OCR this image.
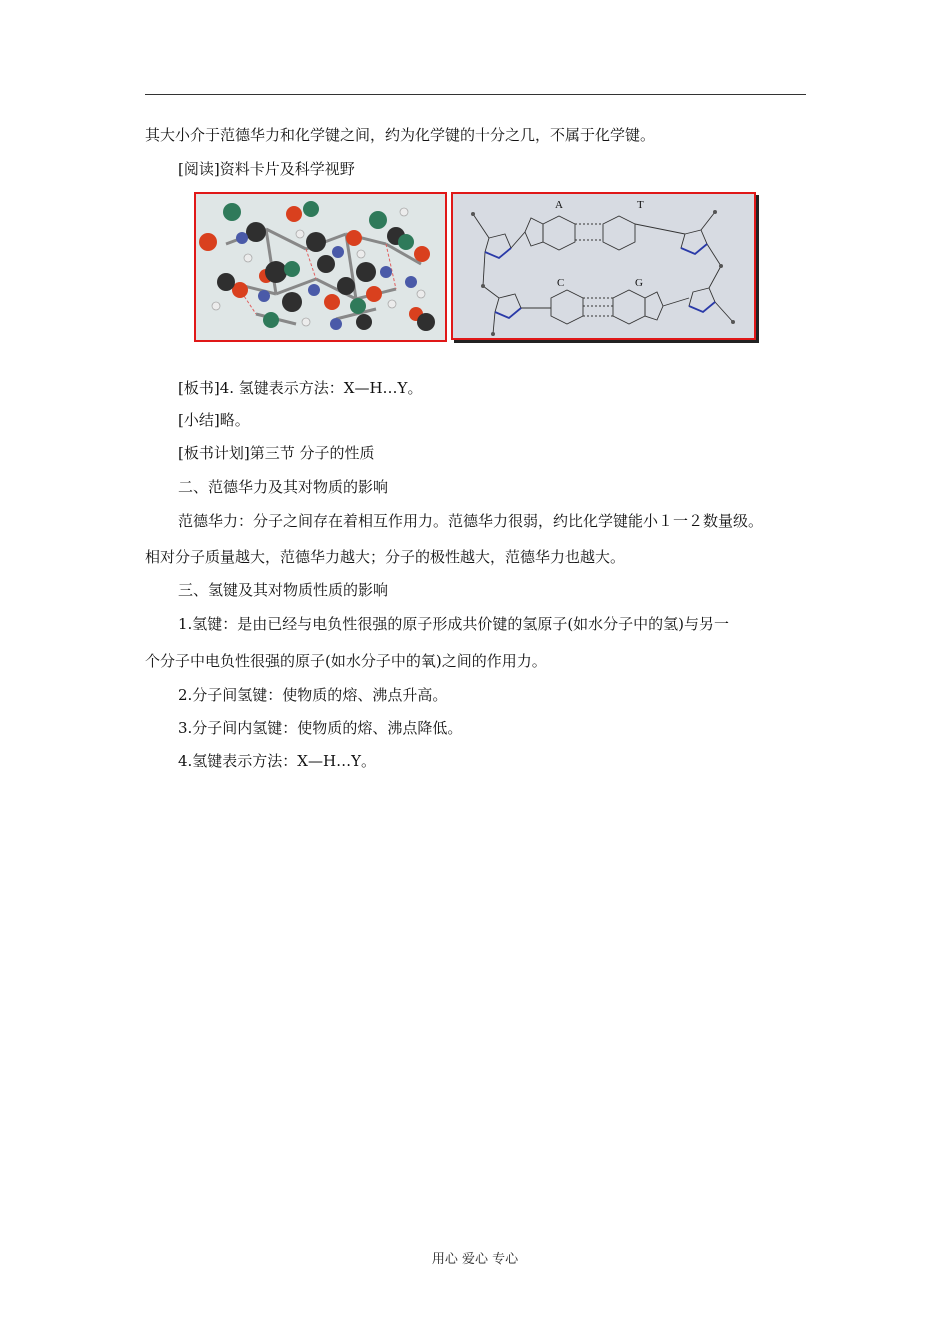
其大小介于范德华力和化学键之间，约为化学键的十分之几，不属于化学键。
[阅读]资料卡片及科学视野
A	T
C	G
[板书]4. 氢键表示方法：X—H…Y。
[小结]略。
[板书计划]第三节 分子的性质
二、范德华力及其对物质的影响
范德华力：分子之间存在着相互作用力。范德华力很弱，约比化学键能小１一２数量级。
相对分子质量越大，范德华力越大；分子的极性越大，范德华力也越大。
三、氢键及其对物质性质的影响
1.氢键：是由已经与电负性很强的原子形成共价键的氢原子(如水分子中的氢)与另一
个分子中电负性很强的原子(如水分子中的氧)之间的作用力。
2.分子间氢键：使物质的熔、沸点升高。
3.分子间内氢键：使物质的熔、沸点降低。
4.氢键表示方法：X—H…Y。
用心 爱心 专心
